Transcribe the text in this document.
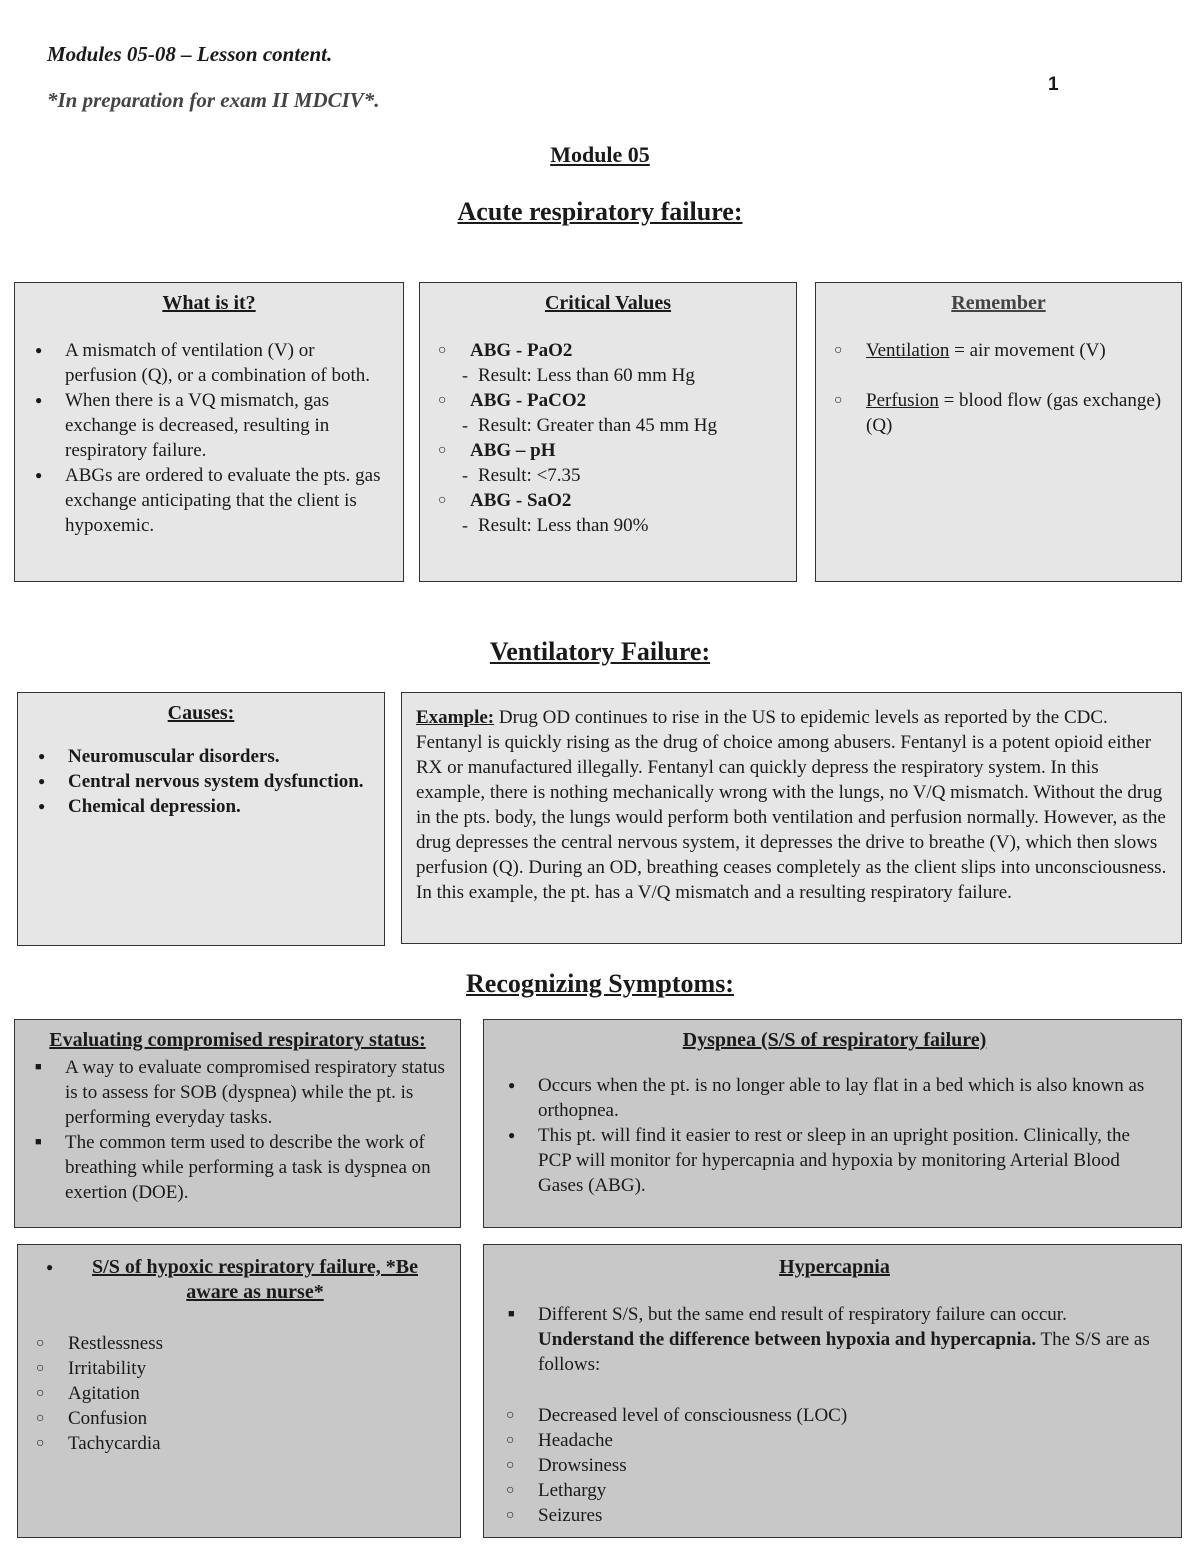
Modules 05-08 – Lesson content.
*In preparation for exam II MDCIV*.
1
Module 05
Acute respiratory failure:
What is it?
● A mismatch of ventilation (V) or perfusion (Q), or a combination of both.
● When there is a VQ mismatch, gas exchange is decreased, resulting in respiratory failure.
● ABGs are ordered to evaluate the pts. gas exchange anticipating that the client is hypoxemic.
Critical Values
○ ABG - PaO2
- Result: Less than 60 mm Hg
○ ABG - PaCO2
- Result: Greater than 45 mm Hg
○ ABG – pH
- Result: <7.35
○ ABG - SaO2
- Result: Less than 90%
Remember
○ Ventilation = air movement (V)
○ Perfusion = blood flow (gas exchange) (Q)
Ventilatory Failure:
Causes:
● Neuromuscular disorders.
● Central nervous system dysfunction.
● Chemical depression.

Example: Drug OD continues to rise in the US to epidemic levels as reported by the CDC. Fentanyl is quickly rising as the drug of choice among abusers. Fentanyl is a potent opioid either RX or manufactured illegally. Fentanyl can quickly depress the respiratory system. In this example, there is nothing mechanically wrong with the lungs, no V/Q mismatch. Without the drug in the pts. body, the lungs would perform both ventilation and perfusion normally. However, as the drug depresses the central nervous system, it depresses the drive to breathe (V), which then slows perfusion (Q). During an OD, breathing ceases completely as the client slips into unconsciousness. In this example, the pt. has a V/Q mismatch and a resulting respiratory failure.

Recognizing Symptoms:
Evaluating compromised respiratory status:
■ A way to evaluate compromised respiratory status is to assess for SOB (dyspnea) while the pt. is performing everyday tasks.
■ The common term used to describe the work of breathing while performing a task is dyspnea on exertion (DOE).
Dyspnea (S/S of respiratory failure)
● Occurs when the pt. is no longer able to lay flat in a bed which is also known as orthopnea.
● This pt. will find it easier to rest or sleep in an upright position. Clinically, the PCP will monitor for hypercapnia and hypoxia by monitoring Arterial Blood Gases (ABG).
● S/S of hypoxic respiratory failure, *Be aware as nurse*
○ Restlessness
○ Irritability
○ Agitation
○ Confusion
○ Tachycardia
Hypercapnia
■ Different S/S, but the same end result of respiratory failure can occur. Understand the difference between hypoxia and hypercapnia. The S/S are as follows:
○ Decreased level of consciousness (LOC)
○ Headache
○ Drowsiness
○ Lethargy
○ Seizures
